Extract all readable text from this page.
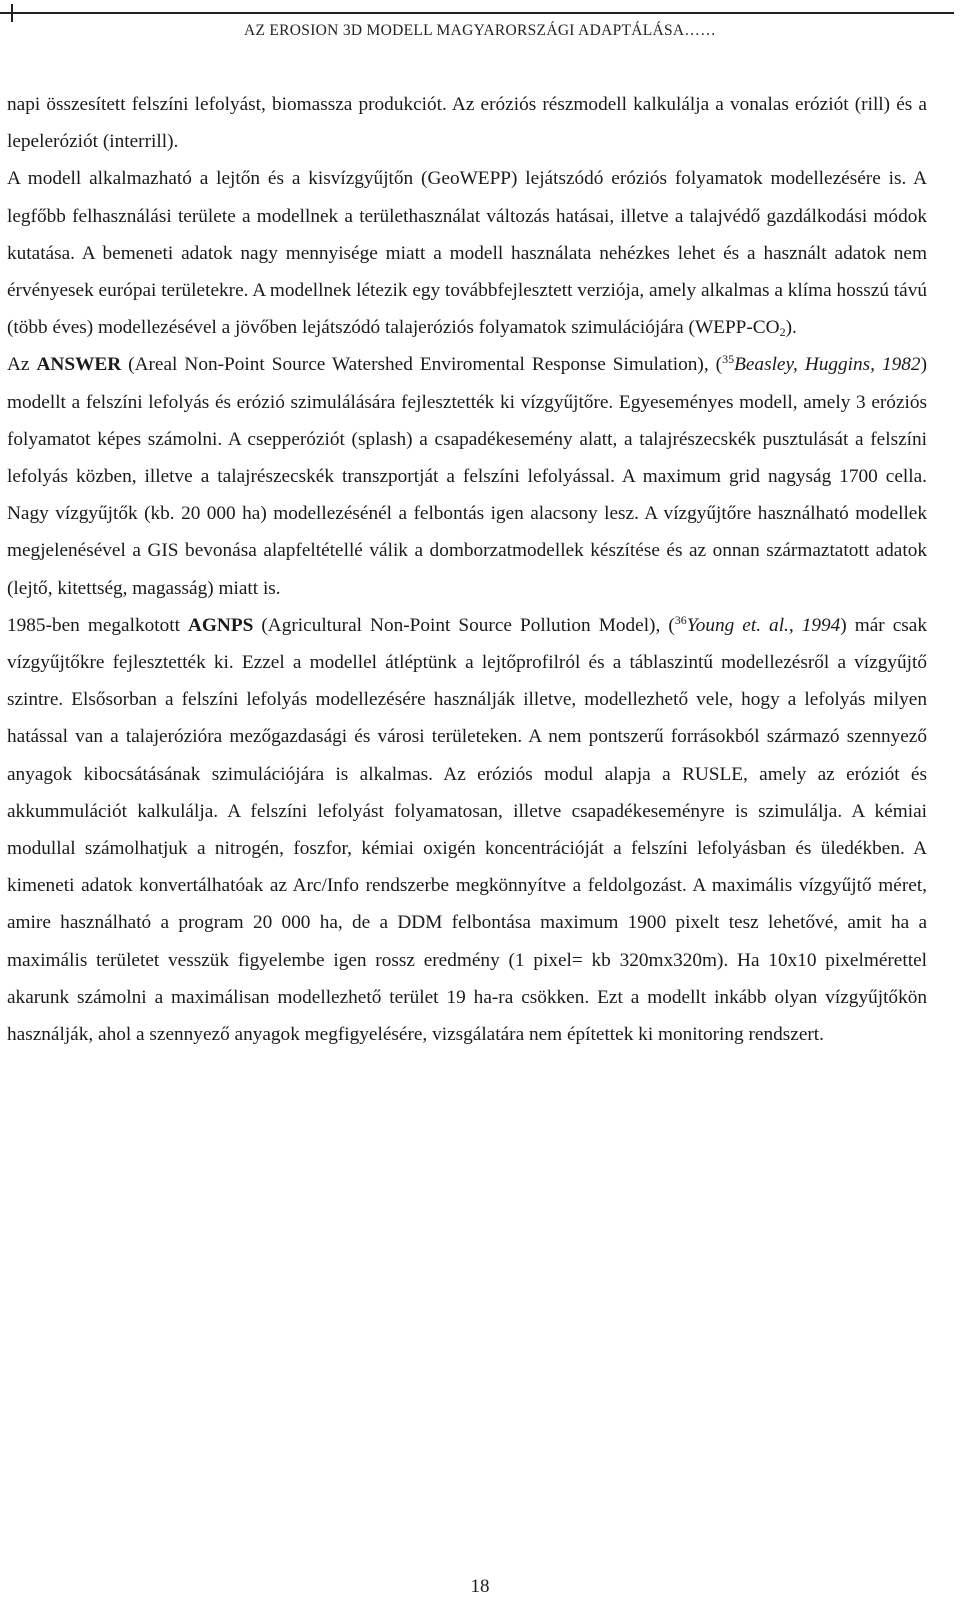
AZ EROSION 3D MODELL MAGYARORSZÁGI ADAPTÁLÁSA……

napi összesített felszíni lefolyást, biomassza produkciót. Az eróziós részmodell kalkulálja a vonalas eróziót (rill) és a lepeleróziót (interrill).

A modell alkalmazható a lejtőn és a kisvízgyűjtőn (GeoWEPP) lejátszódó eróziós folyamatok modellezésére is. A legfőbb felhasználási területe a modellnek a területhasználat változás hatásai, illetve a talajvédő gazdálkodási módok kutatása. A bemeneti adatok nagy mennyisége miatt a modell használata nehézkes lehet és a használt adatok nem érvényesek európai területekre. A modellnek létezik egy továbbfejlesztett verziója, amely alkalmas a klíma hosszú távú (több éves) modellezésével a jövőben lejátszódó talajeróziós folyamatok szimulációjára $(WEPP-CO_2)$.

Az ANSWER (Areal Non-Point Source Watershed Enviromental Response Simulation), ($^{35}$Beasley, Huggins, 1982) modellt a felszíni lefolyás és erózió szimulálására fejlesztették ki vízgyűjtőre. Egyeseményes modell, amely 3 eróziós folyamatot képes számolni. A csepperóziót (splash) a csapadékesemény alatt, a talajrészecskék pusztulását a felszíni lefolyás közben, illetve a talajrészecskék transzportját a felszíni lefolyással. A maximum grid nagyság 1700 cella. Nagy vízgyűjtők (kb. 20 000 ha) modellezésénél a felbontás igen alacsony lesz. A vízgyűjtőre használható modellek megjelenésével a GIS bevonása alapfeltétellé válik a domborzatmodellek készítése és az onnan származtatott adatok (lejtő, kitettség, magasság) miatt is.

1985-ben megalkotott AGNPS (Agricultural Non-Point Source Pollution Model), ($^{36}$Young et. al., 1994) már csak vízgyűjtőkre fejlesztették ki. Ezzel a modellel átléptünk a lejtőprofilról és a táblaszintű modellezésről a vízgyűjtő szintre. Elsősorban a felszíni lefolyás modellezésére használják illetve, modellezhető vele, hogy a lefolyás milyen hatással van a talajerózióra mezőgazdasági és városi területeken. A nem pontszerű forrásokból származó szennyező anyagok kibocsátásának szimulációjára is alkalmas. Az eróziós modul alapja a RUSLE, amely az eróziót és akkummulációt kalkulálja. A felszíni lefolyást folyamatosan, illetve csapadékeseményre is szimulálja. A kémiai modullal számolhatjuk a nitrogén, foszfor, kémiai oxigén koncentrációját a felszíni lefolyásban és üledékben. A kimeneti adatok konvertálhatóak az Arc/Info rendszerbe megkönnyítve a feldolgozást. A maximális vízgyűjtő méret, amire használható a program 20 000 ha, de a DDM felbontása maximum 1900 pixelt tesz lehetővé, amit ha a maximális területet vesszük figyelembe igen rossz eredmény (1 pixel= kb 320mx320m). Ha 10x10 pixelmérettel akarunk számolni a maximálisan modellezhető terület 19 ha-ra csökken. Ezt a modellt inkább olyan vízgyűjtőkön használják, ahol a szennyező anyagok megfigyelésére, vizsgálatára nem építettek ki monitoring rendszert.

18
